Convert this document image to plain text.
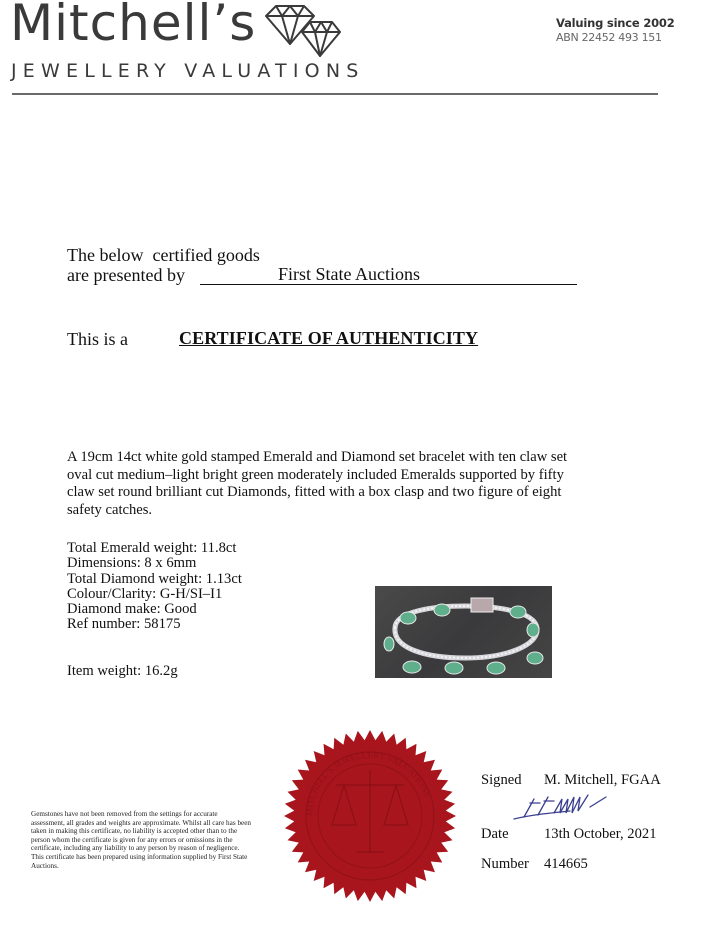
Mitchell’s
JEWELLERY VALUATIONS
Valuing since 2002
ABN 22452 493 151
The below  certified goods
are presented by	First State Auctions
This is a	CERTIFICATE OF AUTHENTICITY
A 19cm 14ct white gold stamped Emerald and Diamond set bracelet with ten claw set oval cut medium–light bright green moderately included Emeralds supported by fifty claw set round brilliant cut Diamonds, fitted with a box clasp and two figure of eight safety catches.
Total Emerald weight: 11.8ct
Dimensions: 8 x 6mm
Total Diamond weight: 1.13ct
Colour/Clarity: G-H/SI–I1
Diamond make: Good
Ref number: 58175
Item weight: 16.2g
MITCHELL'S JEWELLERY VALUATIONS
Signed M. Mitchell, FGAA
Date 13th October, 2021
Number 414665
Gemstones have not been removed from the settings for accurate assessment, all grades and weights are approximate. Whilst all care has been taken in making this certificate, no liability is accepted other than to the person whom the certificate is given for any errors or omissions in the certificate, including any liability to any person by reason of negligence. This certificate has been prepared using information supplied by First State Auctions.
